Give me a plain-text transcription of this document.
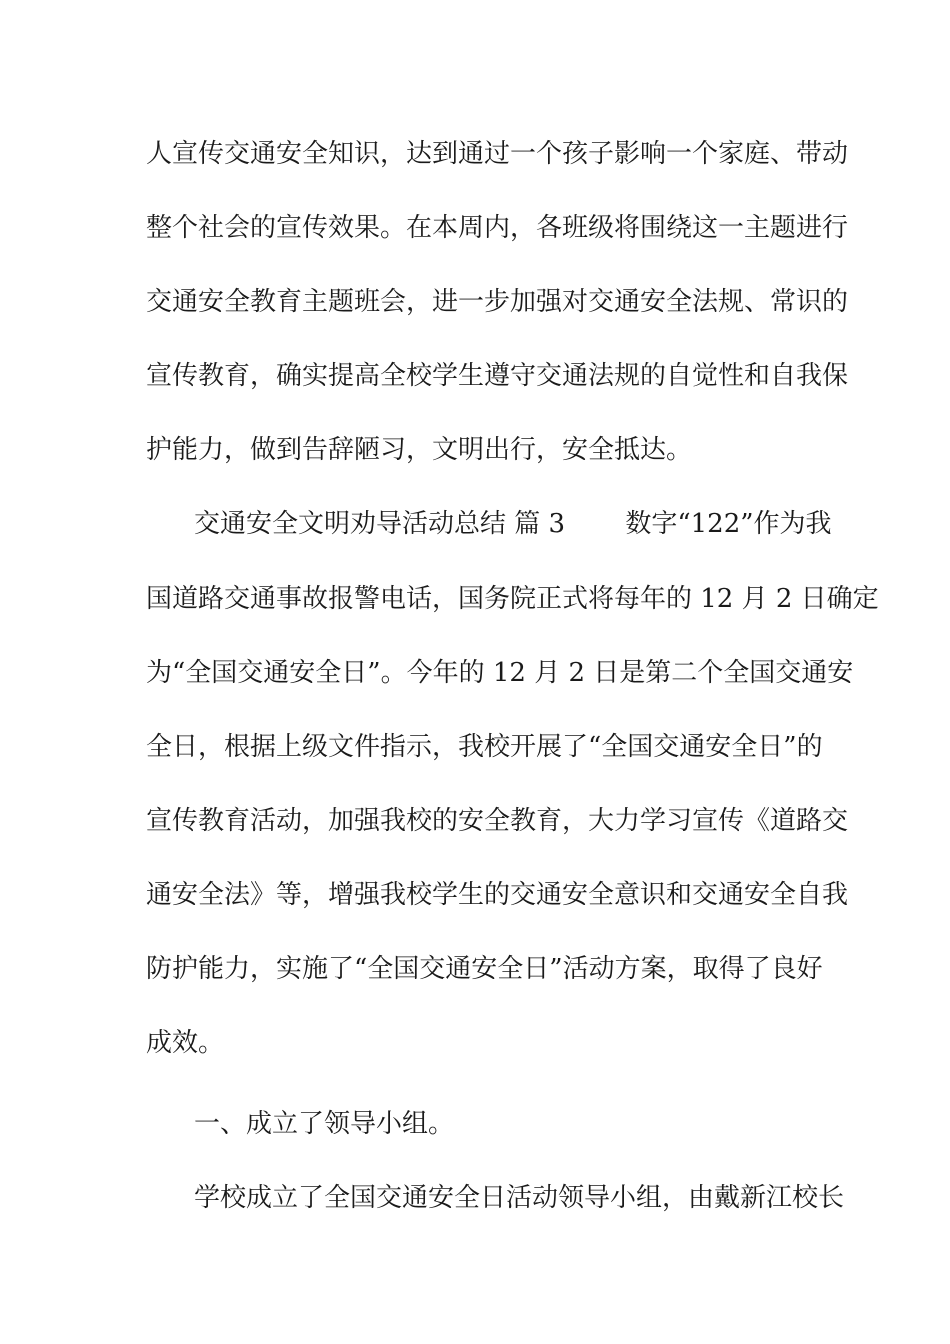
人宣传交通安全知识，达到通过一个孩子影响一个家庭、带动
整个社会的宣传效果。在本周内，各班级将围绕这一主题进行
交通安全教育主题班会，进一步加强对交通安全法规、常识的
宣传教育，确实提高全校学生遵守交通法规的自觉性和自我保
护能力，做到告辞陋习，文明出行，安全抵达。
交通安全文明劝导活动总结 篇 3　　 数字“122”作为我
国道路交通事故报警电话，国务院正式将每年的 12 月 2 日确定
为“全国交通安全日”。今年的 12 月 2 日是第二个全国交通安
全日，根据上级文件指示，我校开展了“全国交通安全日”的
宣传教育活动，加强我校的安全教育，大力学习宣传《道路交
通安全法》等，增强我校学生的交通安全意识和交通安全自我
防护能力，实施了“全国交通安全日”活动方案，取得了良好
成效。
一、成立了领导小组。
学校成立了全国交通安全日活动领导小组，由戴新江校长
